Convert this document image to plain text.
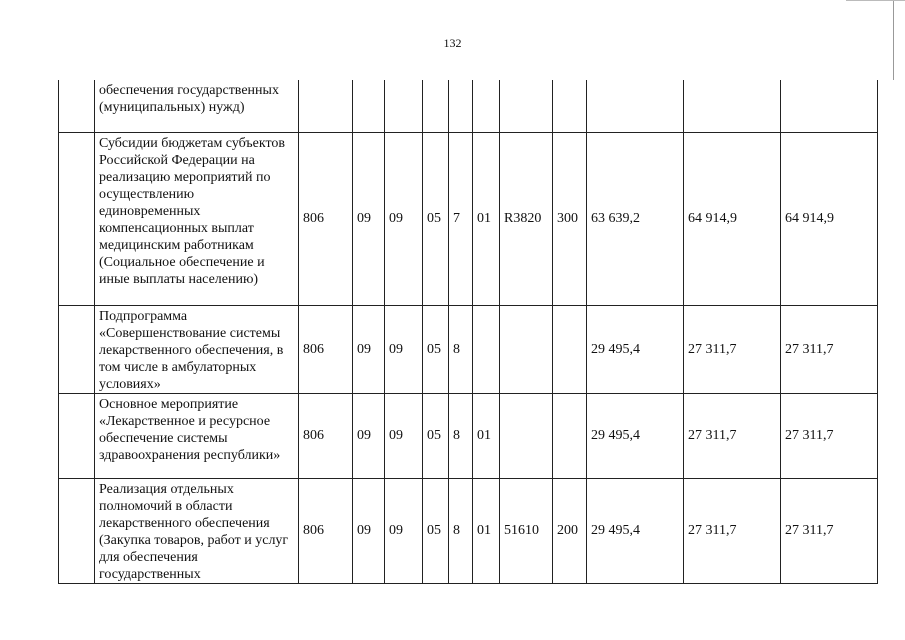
132
	обеспечения государственных (муниципальных) нужд)											
	Субсидии бюджетам субъектов Российской Федерации на реализацию мероприятий по осуществлению единовременных компенсационных выплат медицинским работникам (Социальное обеспечение и иные выплаты населению)	806	09	09	05	7	01	R3820	300	63 639,2	64 914,9	64 914,9
	Подпрограмма «Совершенствование системы лекарственного обеспечения, в том числе в амбулаторных условиях»	806	09	09	05	8				29 495,4	27 311,7	27 311,7
	Основное мероприятие «Лекарственное и ресурсное обеспечение системы здравоохранения республики»	806	09	09	05	8	01			29 495,4	27 311,7	27 311,7
	Реализация отдельных полномочий в области лекарственного обеспечения (Закупка товаров, работ и услуг для обеспечения государственных	806	09	09	05	8	01	51610	200	29 495,4	27 311,7	27 311,7
